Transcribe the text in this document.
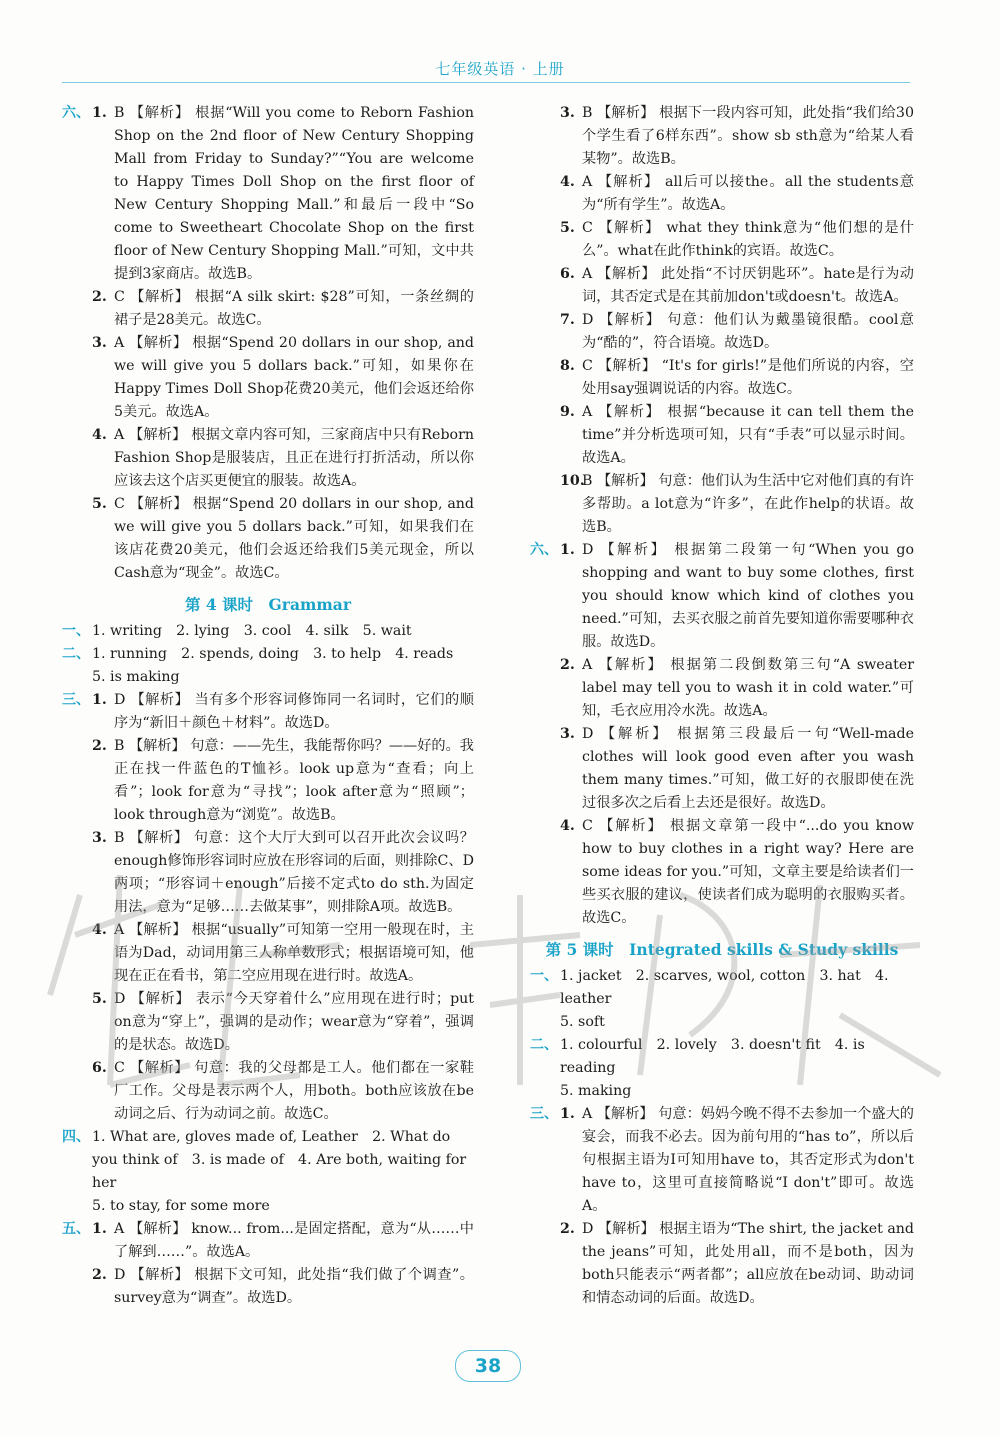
七年级英语 · 上册
六、 1. B 【解析】 根据“Will you come to Reborn Fashion Shop on the 2nd floor of New Century Shopping Mall from Friday to Sunday?”“You are welcome to Happy Times Doll Shop on the first floor of New Century Shopping Mall.”和最后一段中“So come to Sweetheart Chocolate Shop on the first floor of New Century Shopping Mall.”可知，文中共提到3家商店。故选B。
2. C 【解析】 根据“A silk skirt: $28”可知，一条丝绸的裙子是28美元。故选C。
3. A 【解析】 根据“Spend 20 dollars in our shop, and we will give you 5 dollars back.”可知，如果你在Happy Times Doll Shop花费20美元，他们会返还给你5美元。故选A。
4. A 【解析】 根据文章内容可知，三家商店中只有Reborn Fashion Shop是服装店，且正在进行打折活动，所以你应该去这个店买更便宜的服装。故选A。
5. C 【解析】 根据“Spend 20 dollars in our shop, and we will give you 5 dollars back.”可知，如果我们在该店花费20美元，他们会返还给我们5美元现金，所以Cash意为“现金”。故选C。
第 4 课时　Grammar
一、 1. writing　2. lying　3. cool　4. silk　5. wait
二、 1. running　2. spends, doing　3. to help　4. reads
5. is making
三、 1. D 【解析】 当有多个形容词修饰同一名词时，它们的顺序为“新旧＋颜色＋材料”。故选D。
2. B 【解析】 句意：——先生，我能帮你吗？——好的。我正在找一件蓝色的T恤衫。look up意为“查看；向上看”；look for意为“寻找”；look after意为“照顾”；look through意为“浏览”。故选B。
3. B 【解析】 句意：这个大厅大到可以召开此次会议吗？enough修饰形容词时应放在形容词的后面，则排除C、D两项；“形容词＋enough”后接不定式to do sth.为固定用法，意为“足够……去做某事”，则排除A项。故选B。
4. A 【解析】 根据“usually”可知第一空用一般现在时，主语为Dad，动词用第三人称单数形式；根据语境可知，他现在正在看书，第二空应用现在进行时。故选A。
5. D 【解析】 表示“今天穿着什么”应用现在进行时；put on意为“穿上”，强调的是动作；wear意为“穿着”，强调的是状态。故选D。
6. C 【解析】 句意：我的父母都是工人。他们都在一家鞋厂工作。父母是表示两个人，用both。both应该放在be动词之后、行为动词之前。故选C。
四、 1. What are, gloves made of, Leather　2. What do you think of　3. is made of　4. Are both, waiting for her
5. to stay, for some more
五、 1. A 【解析】 know... from...是固定搭配，意为“从……中了解到……”。故选A。
2. D 【解析】 根据下文可知，此处指“我们做了个调查”。survey意为“调查”。故选D。
3. B 【解析】 根据下一段内容可知，此处指“我们给30个学生看了6样东西”。show sb sth意为“给某人看某物”。故选B。
4. A 【解析】 all后可以接the。all the students意为“所有学生”。故选A。
5. C 【解析】 what they think意为“他们想的是什么”。what在此作think的宾语。故选C。
6. A 【解析】 此处指“不讨厌钥匙环”。hate是行为动词，其否定式是在其前加don't或doesn't。故选A。
7. D 【解析】 句意：他们认为戴墨镜很酷。cool意为“酷的”，符合语境。故选D。
8. C 【解析】 “It's for girls!”是他们所说的内容，空处用say强调说话的内容。故选C。
9. A 【解析】 根据“because it can tell them the time”并分析选项可知，只有“手表”可以显示时间。故选A。
10.
B 【解析】 句意：他们认为生活中它对他们真的有许多帮助。a lot意为“许多”，在此作help的状语。故选B。
六、 1. D 【解析】 根据第二段第一句“When you go shopping and want to buy some clothes, first you should know which kind of clothes you need.”可知，去买衣服之前首先要知道你需要哪种衣服。故选D。
2. A 【解析】 根据第二段倒数第三句“A sweater label may tell you to wash it in cold water.”可知，毛衣应用冷水洗。故选A。
3. D 【解析】 根据第三段最后一句“Well-made clothes will look good even after you wash them many times.”可知，做工好的衣服即使在洗过很多次之后看上去还是很好。故选D。
4. C 【解析】 根据文章第一段中“...do you know how to buy clothes in a right way? Here are some ideas for you.”可知，文章主要是给读者们一些买衣服的建议，使读者们成为聪明的衣服购买者。故选C。
第 5 课时　Integrated skills & Study skills
一、 1. jacket　2. scarves, wool, cotton　3. hat　4. leather
5. soft
二、 1. colourful　2. lovely　3. doesn't fit　4. is reading
5. making
三、 1. A 【解析】 句意：妈妈今晚不得不去参加一个盛大的宴会，而我不必去。因为前句用的“has to”，所以后句根据主语为I可知用have to，其否定形式为don't have to，这里可直接简略说“I don't”即可。故选A。
2. D 【解析】 根据主语为“The shirt, the jacket and the jeans”可知，此处用all，而不是both，因为both只能表示“两者都”；all应放在be动词、助动词和情态动词的后面。故选D。
38
